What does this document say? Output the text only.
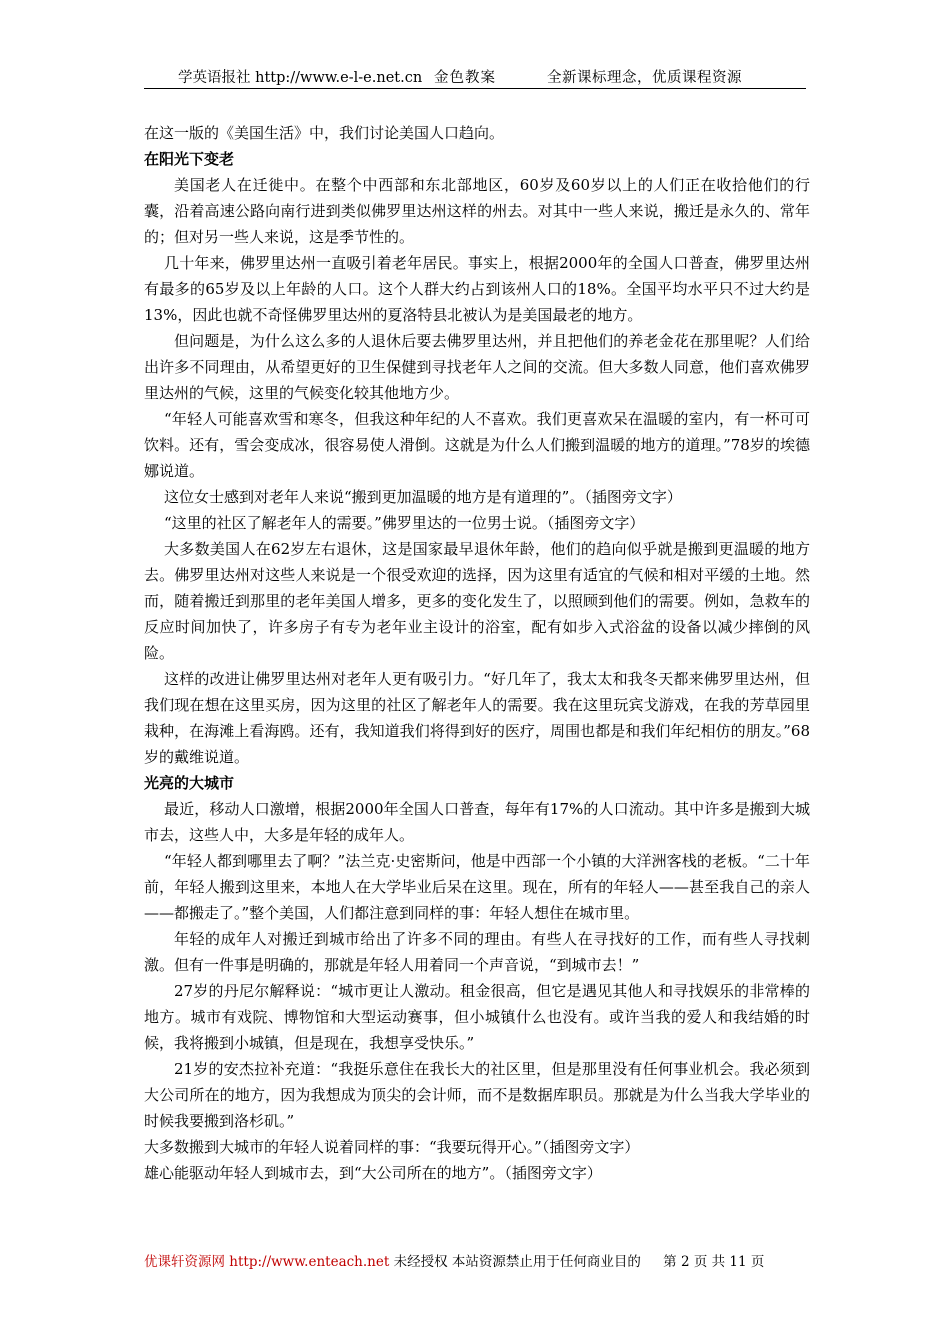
学英语报社 http://www.e-l-e.net.cn 金色教案	全新课标理念，优质课程资源

在这一版的《美国生活》中，我们讨论美国人口趋向。

在阳光下变老

美国老人在迁徙中。在整个中西部和东北部地区，60岁及60岁以上的人们正在收拾他们的行囊，沿着高速公路向南行进到类似佛罗里达州这样的州去。对其中一些人来说，搬迁是永久的、常年的；但对另一些人来说，这是季节性的。

几十年来，佛罗里达州一直吸引着老年居民。事实上，根据2000年的全国人口普查，佛罗里达州有最多的65岁及以上年龄的人口。这个人群大约占到该州人口的18%。全国平均水平只不过大约是13%，因此也就不奇怪佛罗里达州的夏洛特县北被认为是美国最老的地方。

但问题是，为什么这么多的人退休后要去佛罗里达州，并且把他们的养老金花在那里呢？人们给出许多不同理由，从希望更好的卫生保健到寻找老年人之间的交流。但大多数人同意，他们喜欢佛罗里达州的气候，这里的气候变化较其他地方少。

“年轻人可能喜欢雪和寒冬，但我这种年纪的人不喜欢。我们更喜欢呆在温暖的室内，有一杯可可饮料。还有，雪会变成冰，很容易使人滑倒。这就是为什么人们搬到温暖的地方的道理。”78岁的埃德娜说道。

这位女士感到对老年人来说“搬到更加温暖的地方是有道理的”。（插图旁文字）

“这里的社区了解老年人的需要。”佛罗里达的一位男士说。（插图旁文字）

大多数美国人在62岁左右退休，这是国家最早退休年龄，他们的趋向似乎就是搬到更温暖的地方去。佛罗里达州对这些人来说是一个很受欢迎的选择，因为这里有适宜的气候和相对平缓的土地。然而，随着搬迁到那里的老年美国人增多，更多的变化发生了，以照顾到他们的需要。例如，急救车的反应时间加快了，许多房子有专为老年业主设计的浴室，配有如步入式浴盆的设备以减少摔倒的风险。

这样的改进让佛罗里达州对老年人更有吸引力。“好几年了，我太太和我冬天都来佛罗里达州，但我们现在想在这里买房，因为这里的社区了解老年人的需要。我在这里玩宾戈游戏，在我的芳草园里栽种，在海滩上看海鸥。还有，我知道我们将得到好的医疗，周围也都是和我们年纪相仿的朋友。”68岁的戴维说道。

光亮的大城市

最近，移动人口激增，根据2000年全国人口普查，每年有17%的人口流动。其中许多是搬到大城市去，这些人中，大多是年轻的成年人。

“年轻人都到哪里去了啊？”法兰克·史密斯问，他是中西部一个小镇的大洋洲客栈的老板。“二十年前，年轻人搬到这里来，本地人在大学毕业后呆在这里。现在，所有的年轻人——甚至我自己的亲人——都搬走了。”整个美国，人们都注意到同样的事：年轻人想住在城市里。

年轻的成年人对搬迁到城市给出了许多不同的理由。有些人在寻找好的工作，而有些人寻找刺激。但有一件事是明确的，那就是年轻人用着同一个声音说，“到城市去！”

27岁的丹尼尔解释说：“城市更让人激动。租金很高，但它是遇见其他人和寻找娱乐的非常棒的地方。城市有戏院、博物馆和大型运动赛事，但小城镇什么也没有。或许当我的爱人和我结婚的时候，我将搬到小城镇，但是现在，我想享受快乐。”

21岁的安杰拉补充道：“我挺乐意住在我长大的社区里，但是那里没有任何事业机会。我必须到大公司所在的地方，因为我想成为顶尖的会计师，而不是数据库职员。那就是为什么当我大学毕业的时候我要搬到洛杉矶。”

大多数搬到大城市的年轻人说着同样的事：“我要玩得开心。”（插图旁文字）

雄心能驱动年轻人到城市去，到“大公司所在的地方”。（插图旁文字）

优课轩资源网 http://www.enteach.net 未经授权 本站资源禁止用于任何商业目的 第 2 页 共 11 页
